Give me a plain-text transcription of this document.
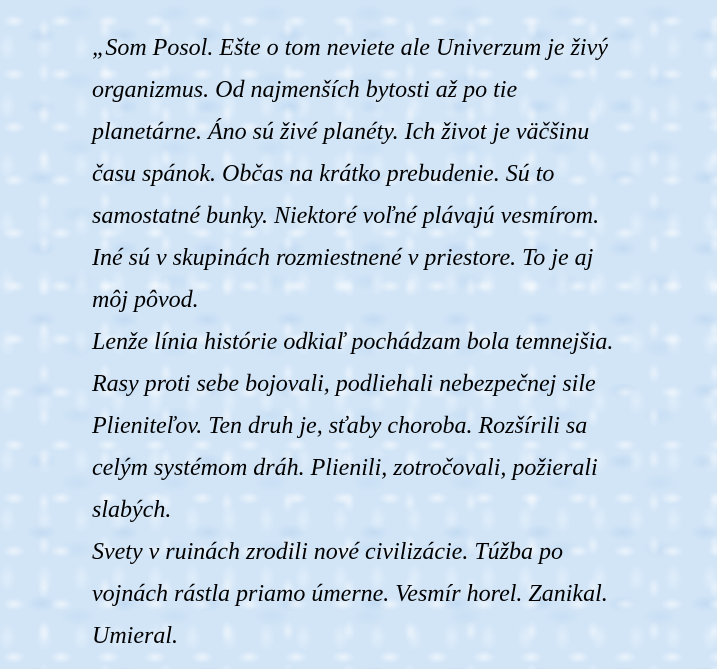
„Som Posol. Ešte o tom neviete ale Univerzum je živý
organizmus. Od najmenších bytosti až po tie
planetárne. Áno sú živé planéty. Ich život je väčšinu
času spánok. Občas na krátko prebudenie. Sú to
samostatné bunky. Niektoré voľné plávajú vesmírom.
Iné sú v skupinách rozmiestnené v priestore. To je aj
môj pôvod.
Lenže línia histórie odkiaľ pochádzam bola temnejšia.
Rasy proti sebe bojovali, podliehali nebezpečnej sile
Plieniteľov. Ten druh je, sťaby choroba. Rozšírili sa
celým systémom dráh. Plienili, zotročovali, požierali
slabých.
Svety v ruinách zrodili nové civilizácie. Túžba po
vojnách rástla priamo úmerne. Vesmír horel. Zanikal.
Umieral.
